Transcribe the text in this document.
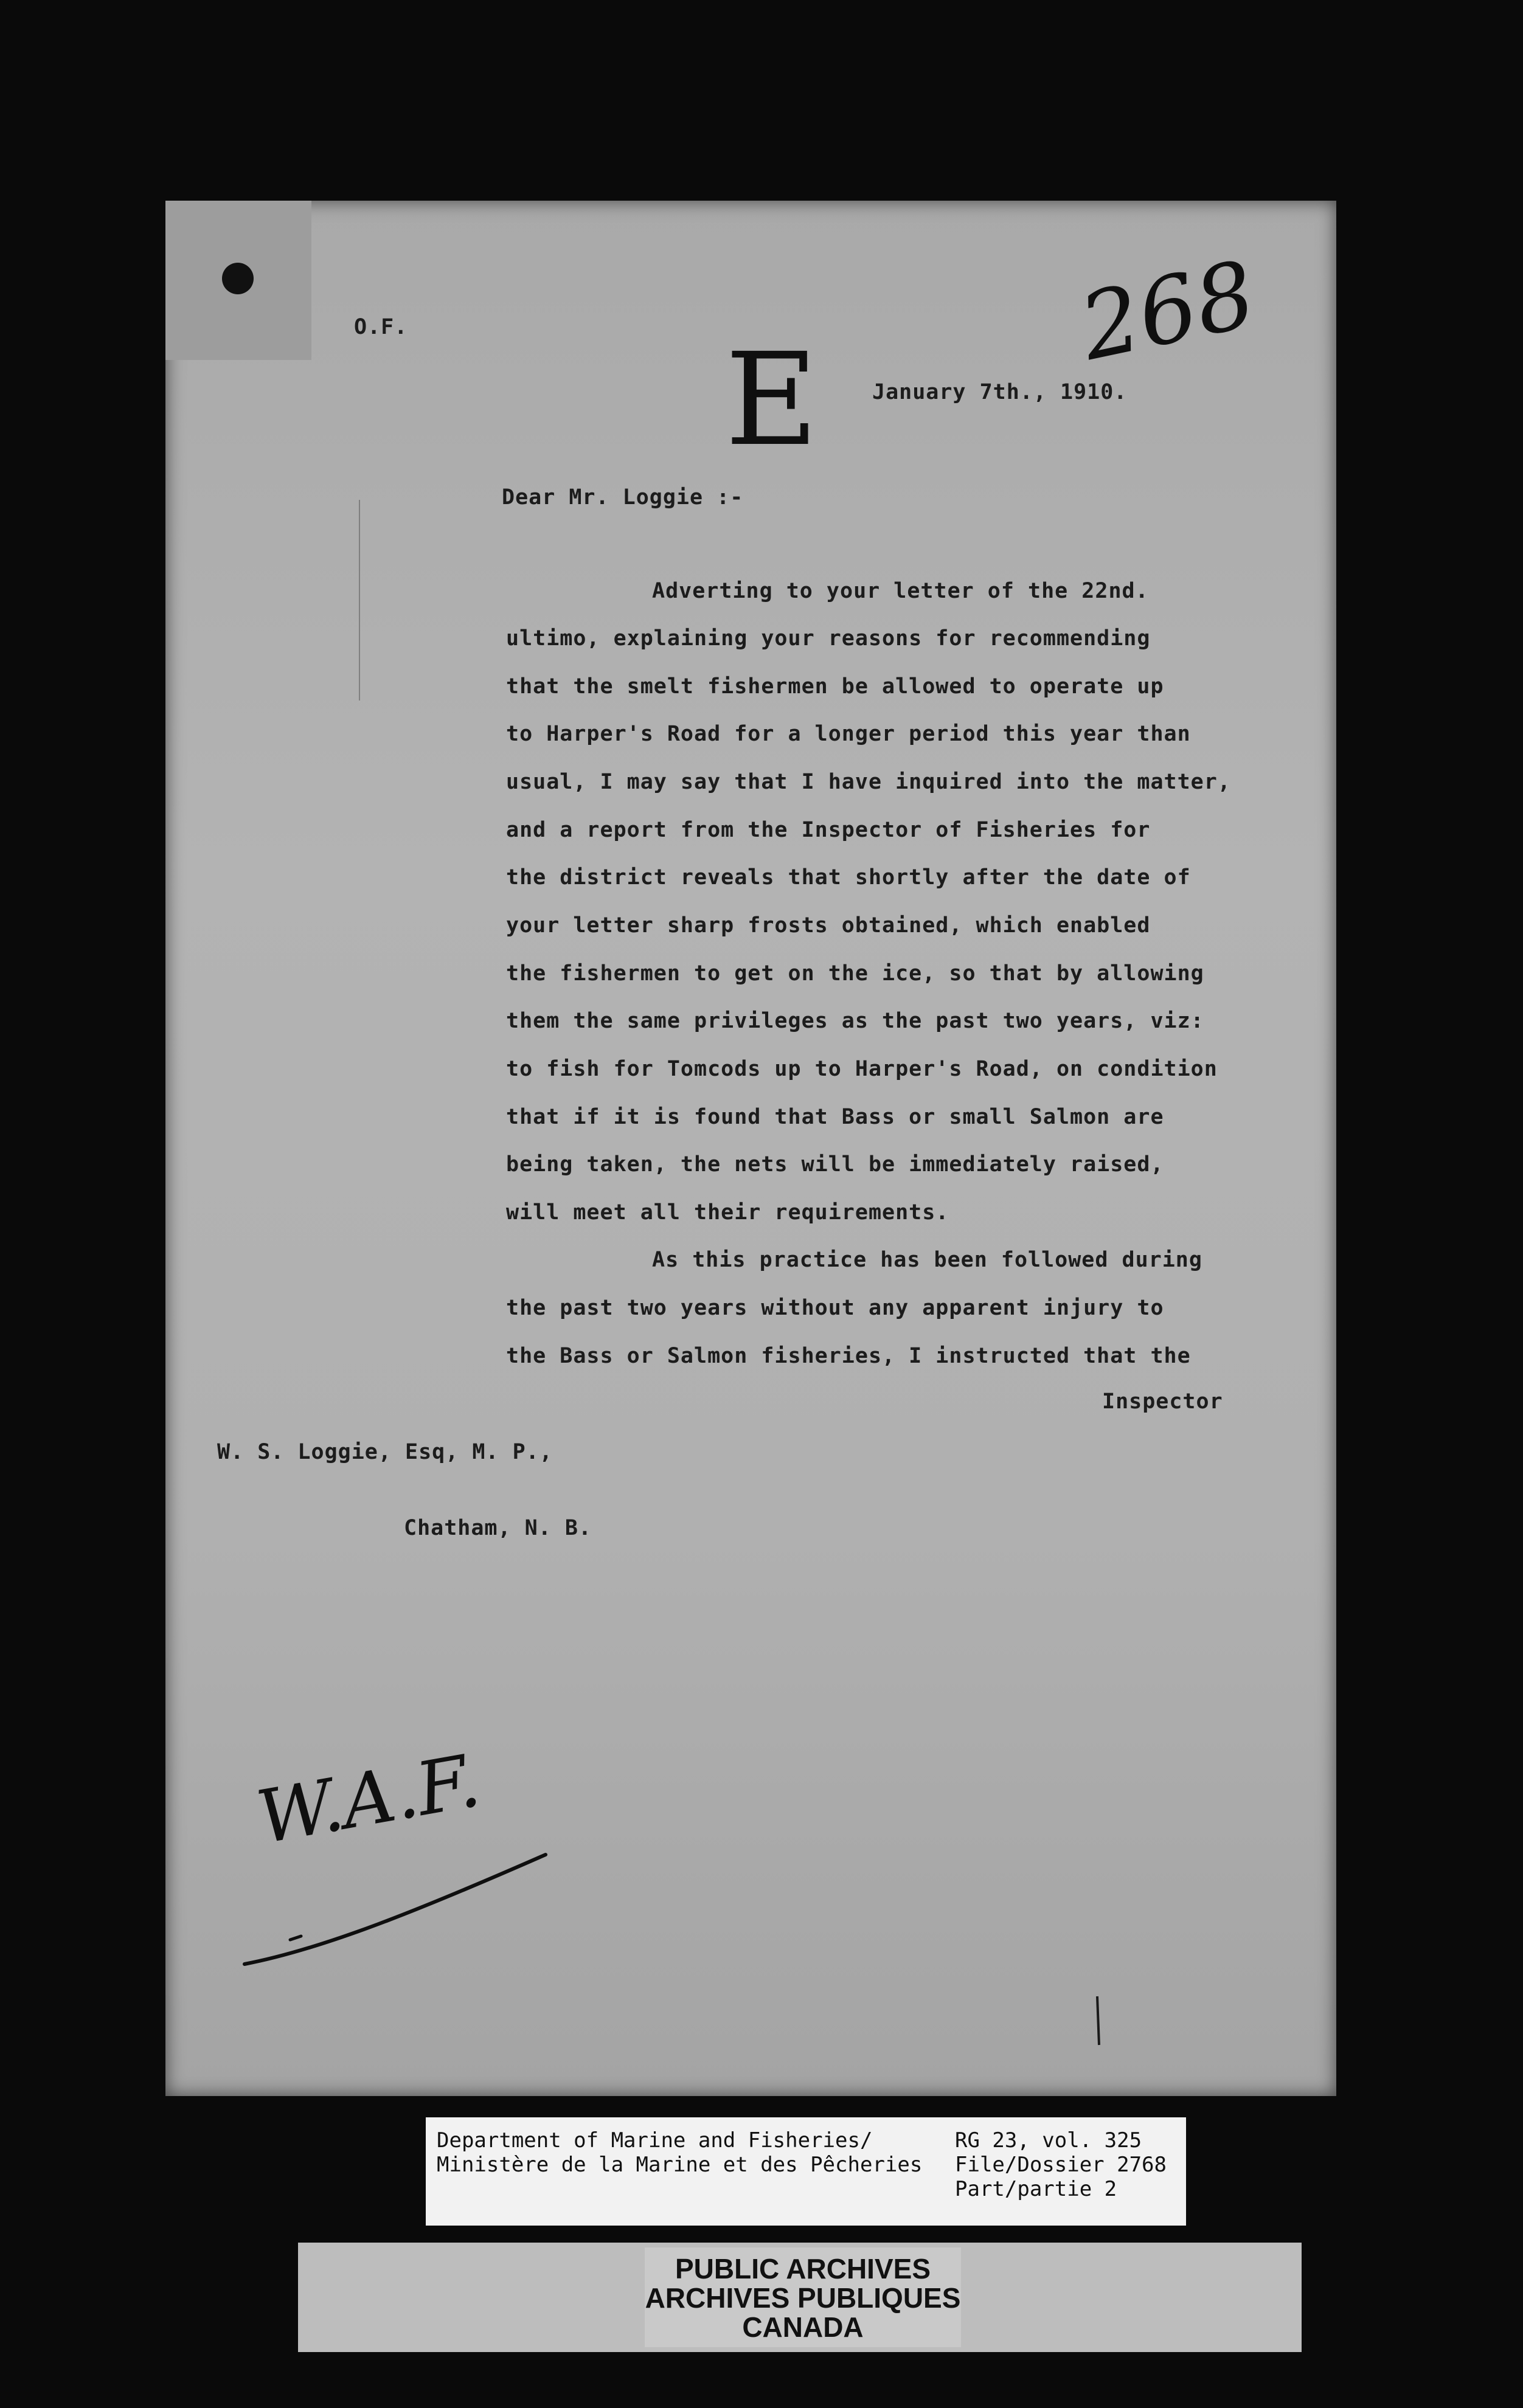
268
O.F. E	January 7th., 1910.
Dear Mr. Loggie :-
Adverting to your letter of the 22nd.
ultimo, explaining your reasons for recommending
that the smelt fishermen be allowed to operate up
to Harper's Road for a longer period this year than
usual, I may say that I have inquired into the matter,
and a report from the Inspector of Fisheries for
the district reveals that shortly after the date of
your letter sharp frosts obtained, which enabled
the fishermen to get on the ice, so that by allowing
them the same privileges as the past two years, viz:
to fish for Tomcods up to Harper's Road, on condition
that if it is found that Bass or small Salmon are
being taken, the nets will be immediately raised,
will meet all their requirements.
As this practice has been followed during
the past two years without any apparent injury to
the Bass or Salmon fisheries, I instructed that the
Inspector
W. S. Loggie, Esq, M. P.,
Chatham, N. B.
W.A.F.
Department of Marine and Fisheries/
Ministère de la Marine et des Pêcheries
RG 23, vol. 325
File/Dossier 2768
Part/partie 2
PUBLIC ARCHIVES
ARCHIVES PUBLIQUES
CANADA
